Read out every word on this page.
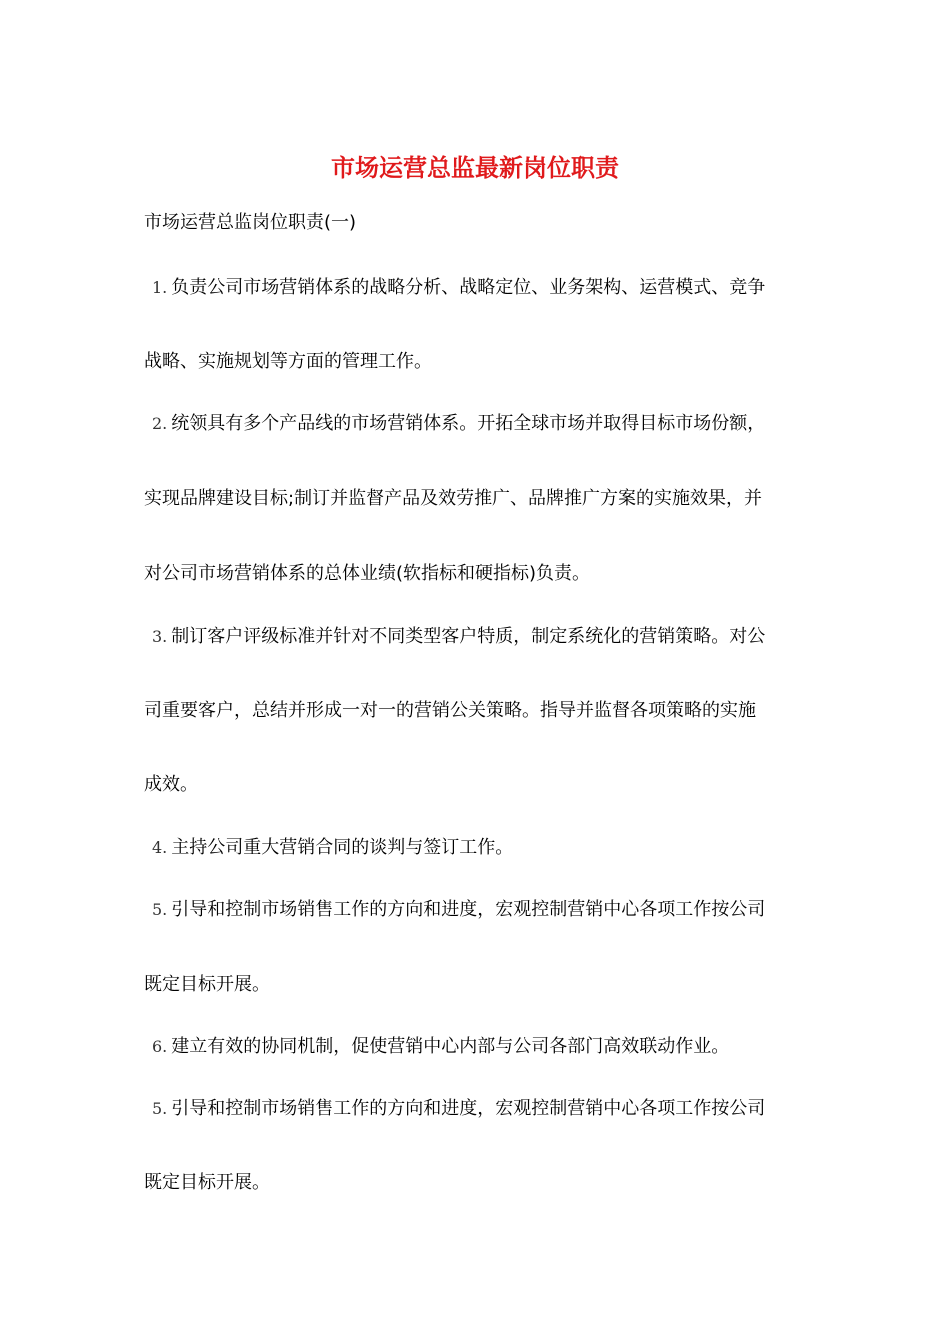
市场运营总监最新岗位职责

市场运营总监岗位职责(一)

1. 负责公司市场营销体系的战略分析、战略定位、业务架构、运营模式、竞争

战略、实施规划等方面的管理工作。

2. 统领具有多个产品线的市场营销体系。开拓全球市场并取得目标市场份额，

实现品牌建设目标;制订并监督产品及效劳推广、品牌推广方案的实施效果，并

对公司市场营销体系的总体业绩(软指标和硬指标)负责。

3. 制订客户评级标准并针对不同类型客户特质，制定系统化的营销策略。对公

司重要客户，总结并形成一对一的营销公关策略。指导并监督各项策略的实施

成效。

4. 主持公司重大营销合同的谈判与签订工作。

5. 引导和控制市场销售工作的方向和进度，宏观控制营销中心各项工作按公司

既定目标开展。

6. 建立有效的协同机制，促使营销中心内部与公司各部门高效联动作业。

5. 引导和控制市场销售工作的方向和进度，宏观控制营销中心各项工作按公司

既定目标开展。
